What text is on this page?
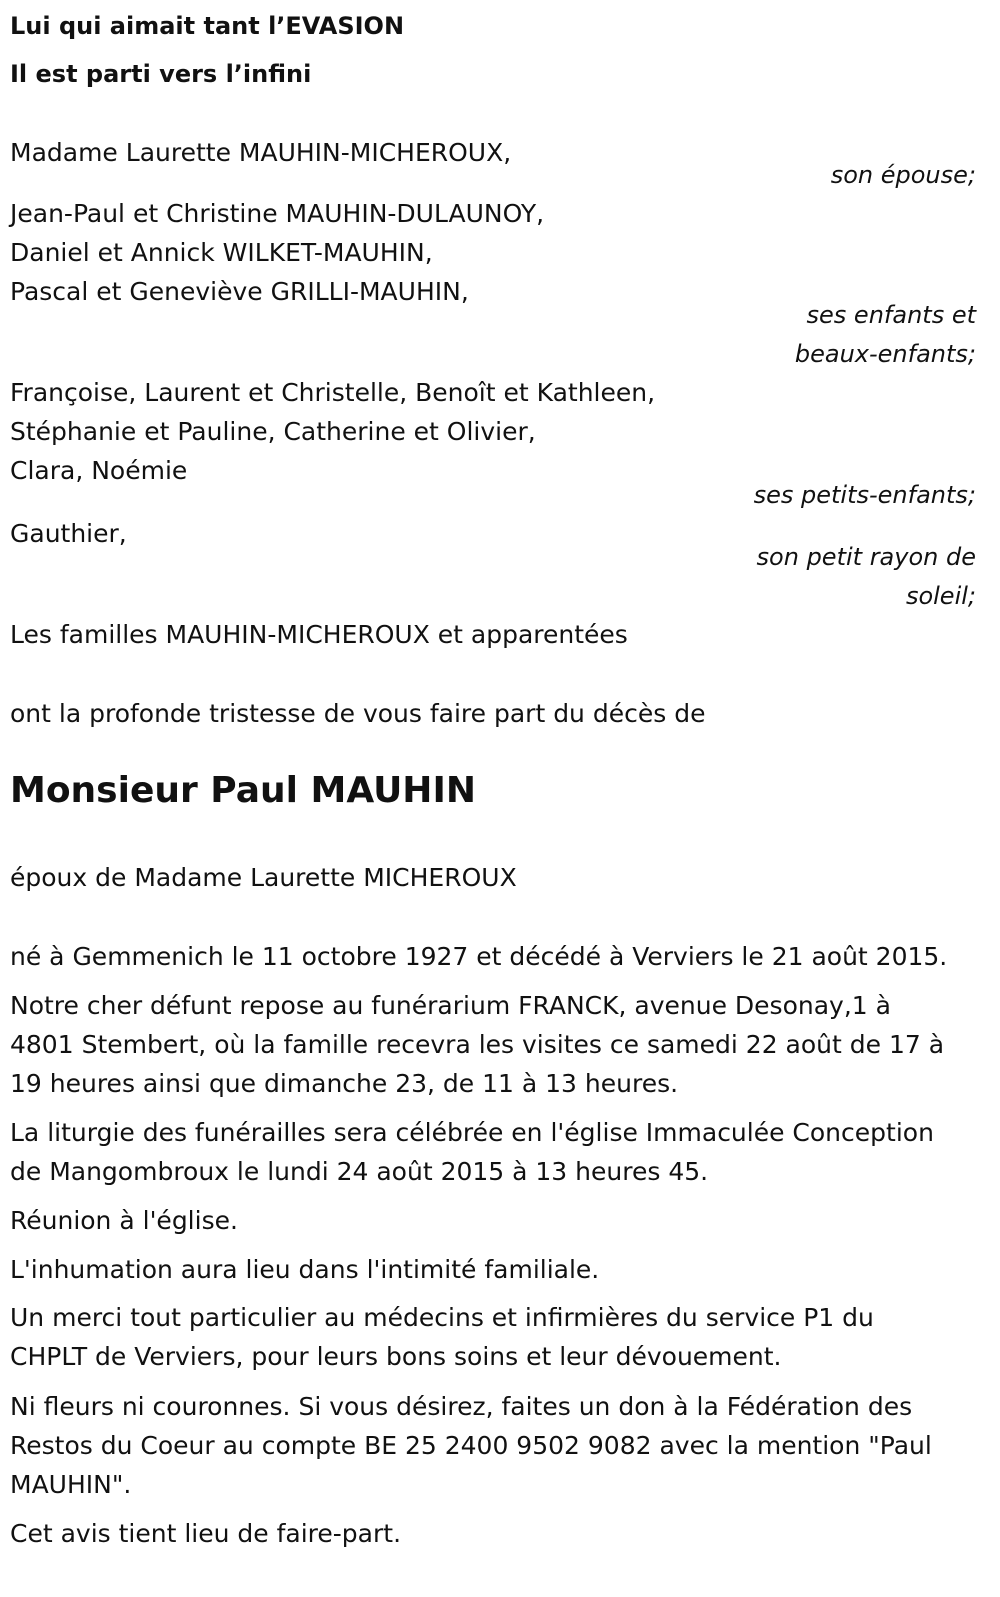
Lui qui aimait tant l’EVASION
Il est parti vers l’infini
Madame Laurette MAUHIN-MICHEROUX,
son épouse;
Jean-Paul et Christine MAUHIN-DULAUNOY,
Daniel et Annick WILKET-MAUHIN,
Pascal et Geneviève GRILLI-MAUHIN,
ses enfants et
beaux-enfants;
Françoise, Laurent et Christelle, Benoît et Kathleen,
Stéphanie et Pauline, Catherine et Olivier,
Clara, Noémie
ses petits-enfants;
Gauthier,
son petit rayon de
soleil;
Les familles MAUHIN-MICHEROUX et apparentées
ont la profonde tristesse de vous faire part du décès de
Monsieur Paul MAUHIN
époux de Madame Laurette MICHEROUX
né à Gemmenich le 11 octobre 1927 et décédé à Verviers le 21 août 2015.
Notre cher défunt repose au funérarium FRANCK, avenue Desonay,1 à
4801 Stembert, où la famille recevra les visites ce samedi 22 août de 17 à
19 heures ainsi que dimanche 23, de 11 à 13 heures.
La liturgie des funérailles sera célébrée en l'église Immaculée Conception
de Mangombroux le lundi 24 août 2015 à 13 heures 45.
Réunion à l'église.
L'inhumation aura lieu dans l'intimité familiale.
Un merci tout particulier au médecins et infirmières du service P1 du
CHPLT de Verviers, pour leurs bons soins et leur dévouement.
Ni fleurs ni couronnes. Si vous désirez, faites un don à la Fédération des
Restos du Coeur au compte BE 25 2400 9502 9082 avec la mention "Paul
MAUHIN".
Cet avis tient lieu de faire-part.
